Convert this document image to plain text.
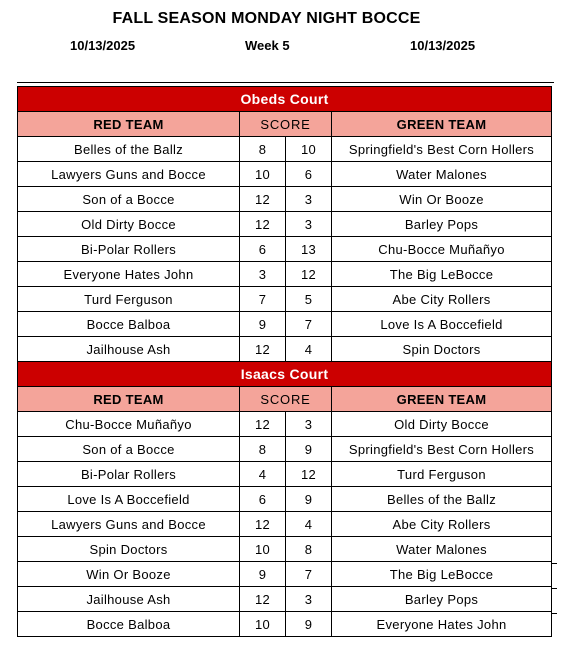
FALL SEASON MONDAY NIGHT BOCCE
10/13/2025	Week 5	10/13/2025
Obeds Court			
RED TEAM	SCORE		GREEN TEAM
Belles of the Ballz	8	10	Springfield's Best Corn Hollers
Lawyers Guns and Bocce	10	6	Water Malones
Son of a Bocce	12	3	Win Or Booze
Old Dirty Bocce	12	3	Barley Pops
Bi-Polar Rollers	6	13	Chu-Bocce Muñañyo
Everyone Hates John	3	12	The Big LeBocce
Turd Ferguson	7	5	Abe City Rollers
Bocce Balboa	9	7	Love Is A Boccefield
Jailhouse Ash	12	4	Spin Doctors
Isaacs Court			
RED TEAM	SCORE		GREEN TEAM
Chu-Bocce Muñañyo	12	3	Old Dirty Bocce
Son of a Bocce	8	9	Springfield's Best Corn Hollers
Bi-Polar Rollers	4	12	Turd Ferguson
Love Is A Boccefield	6	9	Belles of the Ballz
Lawyers Guns and Bocce	12	4	Abe City Rollers
Spin Doctors	10	8	Water Malones
Win Or Booze	9	7	The Big LeBocce
Jailhouse Ash	12	3	Barley Pops
Bocce Balboa	10	9	Everyone Hates John
